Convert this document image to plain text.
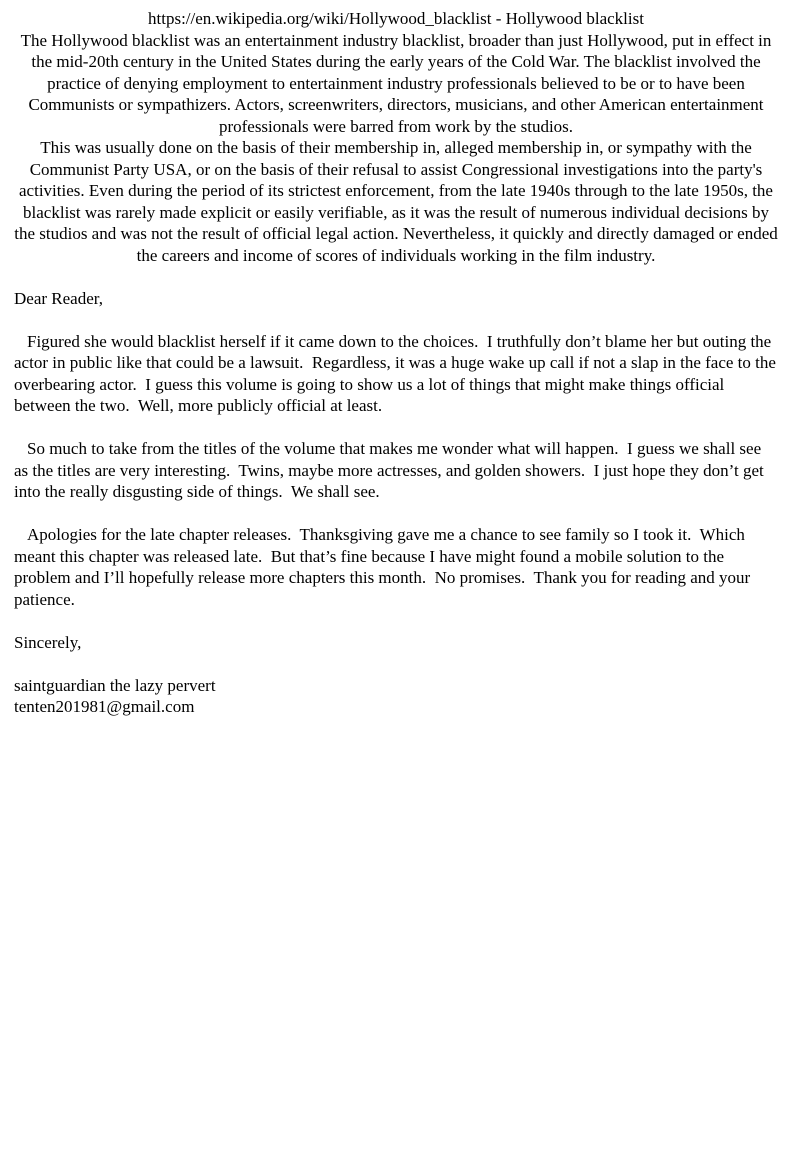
https://en.wikipedia.org/wiki/Hollywood_blacklist - Hollywood blacklist

The Hollywood blacklist was an entertainment industry blacklist, broader than just Hollywood, put in effect in the mid-20th century in the United States during the early years of the Cold War. The blacklist involved the practice of denying employment to entertainment industry professionals believed to be or to have been Communists or sympathizers. Actors, screenwriters, directors, musicians, and other American entertainment professionals were barred from work by the studios.

This was usually done on the basis of their membership in, alleged membership in, or sympathy with the Communist Party USA, or on the basis of their refusal to assist Congressional investigations into the party's activities. Even during the period of its strictest enforcement, from the late 1940s through to the late 1950s, the blacklist was rarely made explicit or easily verifiable, as it was the result of numerous individual decisions by the studios and was not the result of official legal action. Nevertheless, it quickly and directly damaged or ended the careers and income of scores of individuals working in the film industry.

Dear Reader,

Figured she would blacklist herself if it came down to the choices.  I truthfully don’t blame her but outing the actor in public like that could be a lawsuit.  Regardless, it was a huge wake up call if not a slap in the face to the overbearing actor.  I guess this volume is going to show us a lot of things that might make things official between the two.  Well, more publicly official at least.

So much to take from the titles of the volume that makes me wonder what will happen.  I guess we shall see as the titles are very interesting.  Twins, maybe more actresses, and golden showers.  I just hope they don’t get into the really disgusting side of things.  We shall see.

Apologies for the late chapter releases.  Thanksgiving gave me a chance to see family so I took it.  Which meant this chapter was released late.  But that’s fine because I have might found a mobile solution to the problem and I’ll hopefully release more chapters this month.  No promises.  Thank you for reading and your patience.

Sincerely,

saintguardian the lazy pervert

tenten201981@gmail.com
